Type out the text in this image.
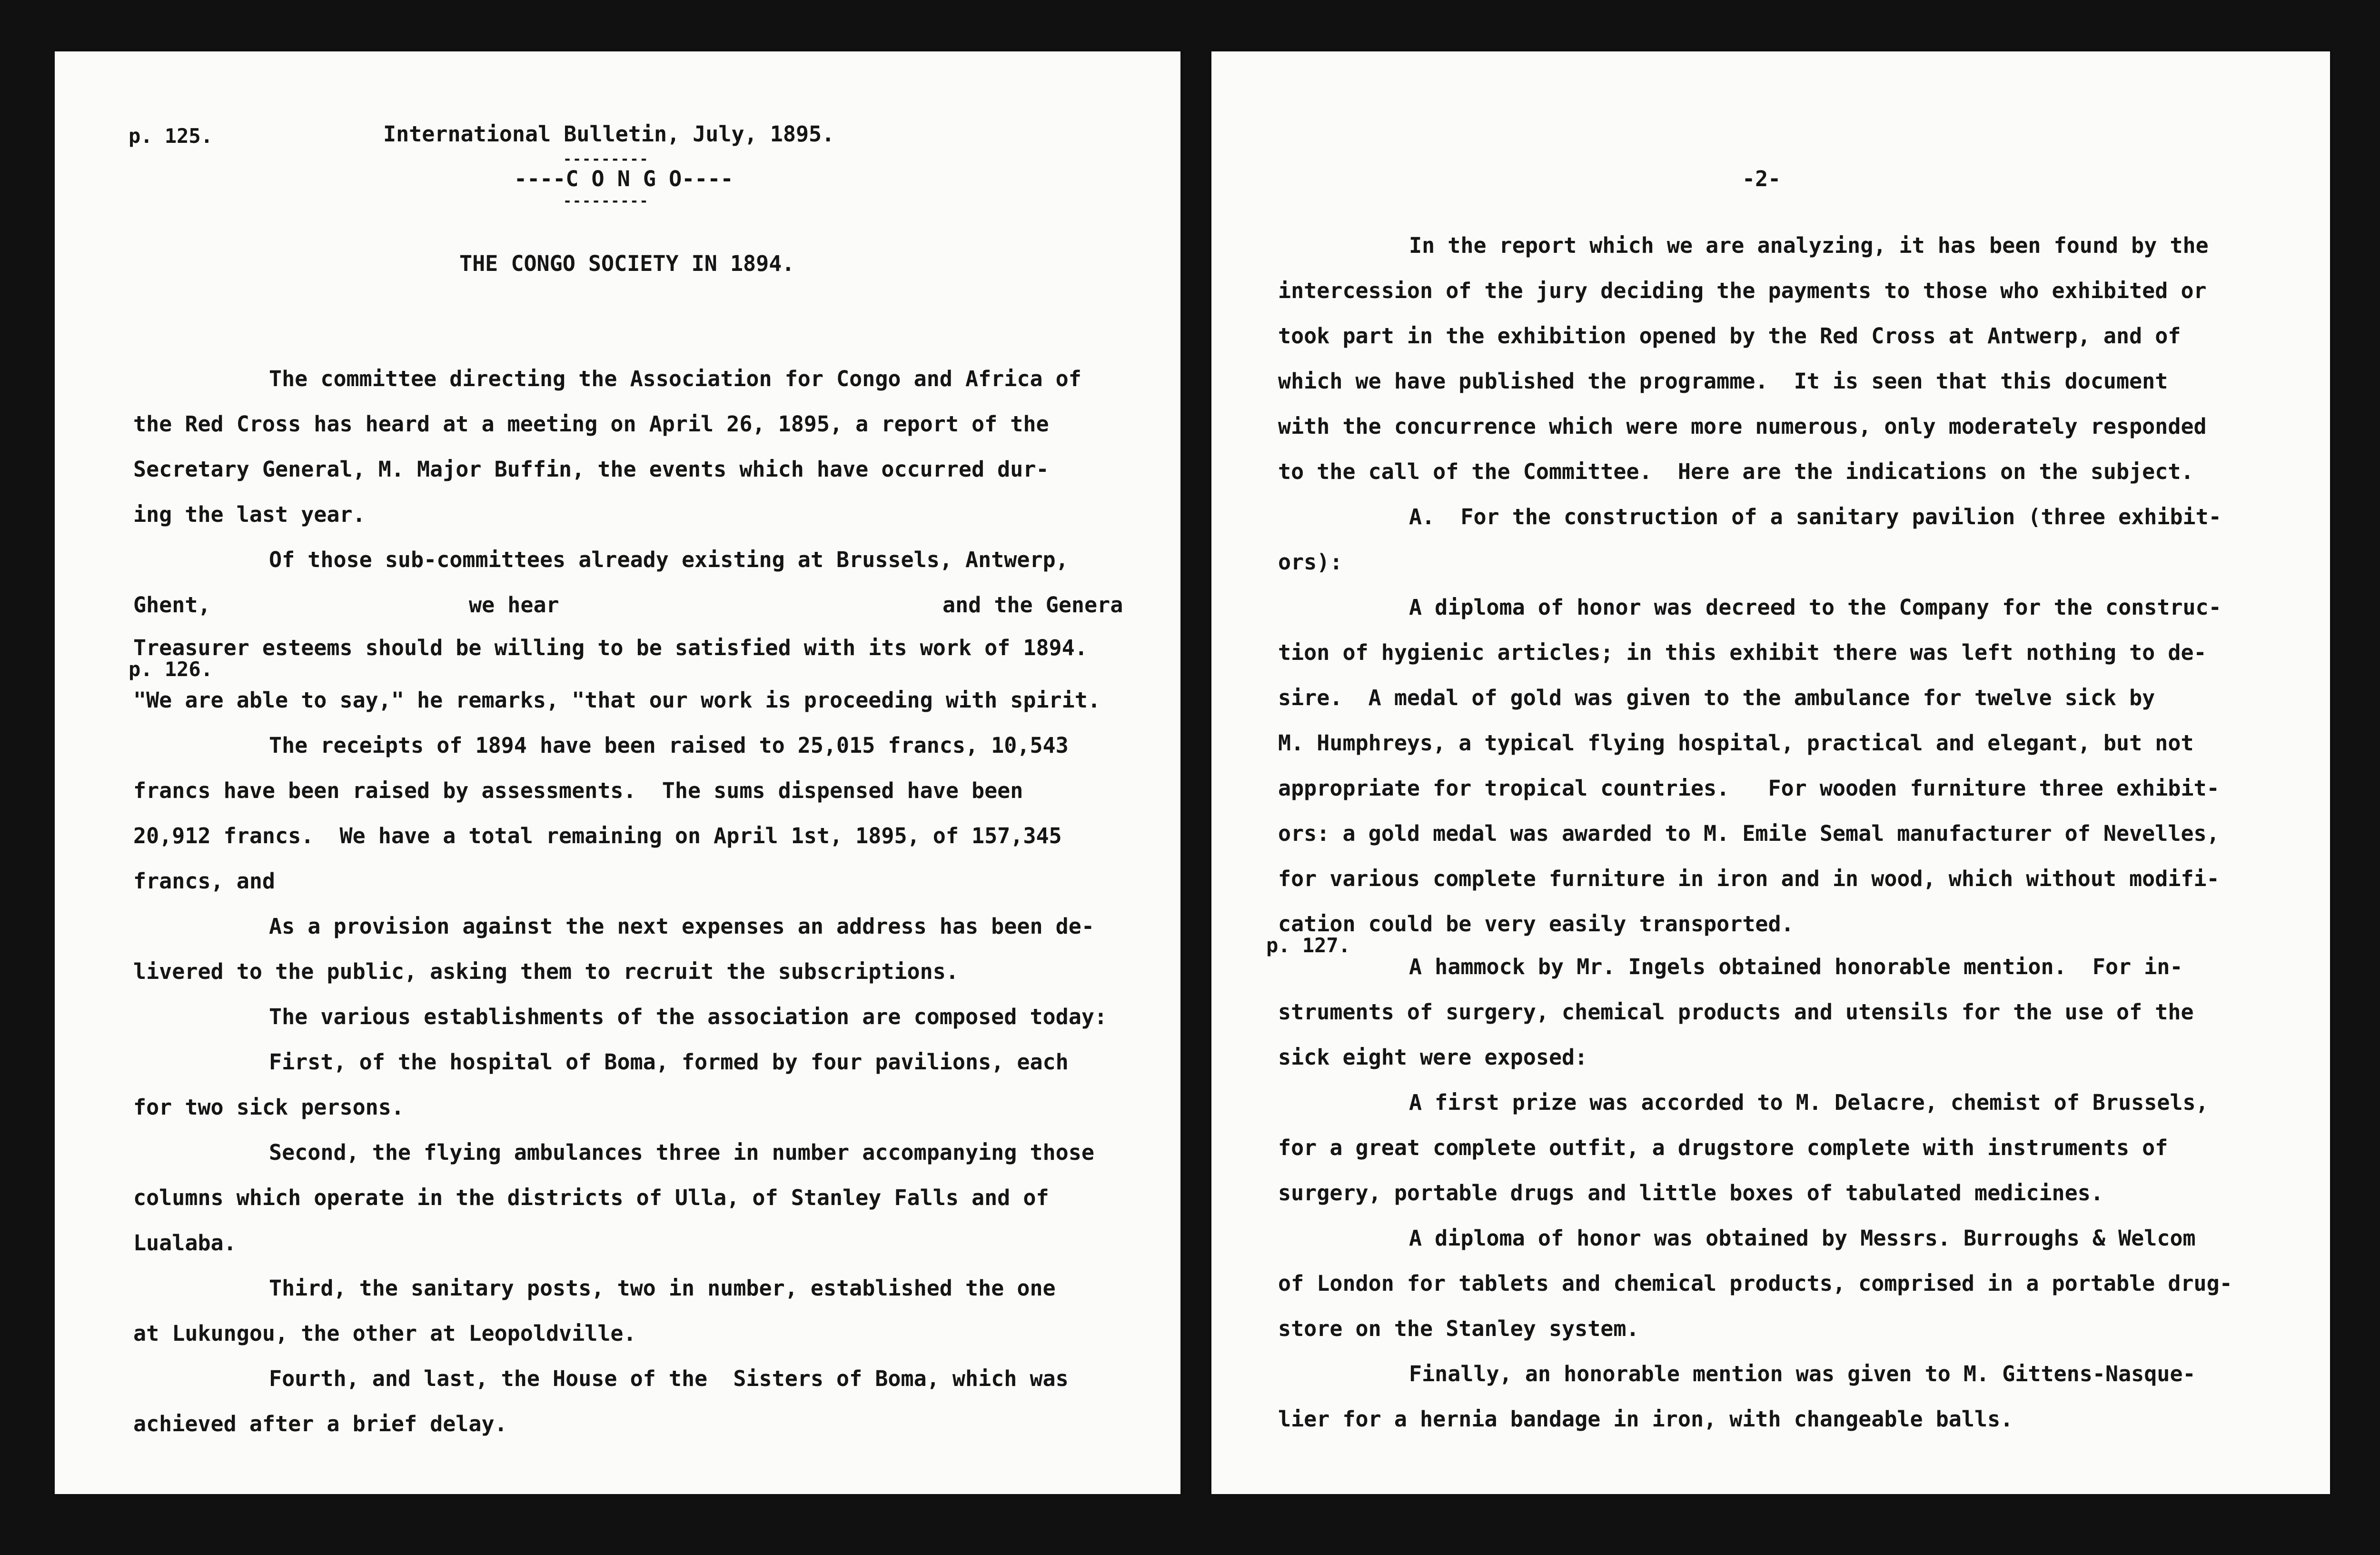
p. 125.	International Bulletin, July, 1895.

---------

----C O N G O----

---------

THE CONGO SOCIETY IN 1894.

The committee directing the Association for Congo and Africa of

the Red Cross has heard at a meeting on April 26, 1895, a report of the

Secretary General, M. Major Buffin, the events which have occurred dur-

ing the last year.

Of those sub-committees already existing at Brussels, Antwerp,

Ghent,	we hear	and the Genera

Treasurer esteems should be willing to be satisfied with its work of 1894.

p. 126.

"We are able to say," he remarks, "that our work is proceeding with spirit.

The receipts of 1894 have been raised to 25,015 francs, 10,543

francs have been raised by assessments.  The sums dispensed have been

20,912 francs.  We have a total remaining on April 1st, 1895, of 157,345

francs, and

As a provision against the next expenses an address has been de-

livered to the public, asking them to recruit the subscriptions.

The various establishments of the association are composed today:

First, of the hospital of Boma, formed by four pavilions, each

for two sick persons.

Second, the flying ambulances three in number accompanying those

columns which operate in the districts of Ulla, of Stanley Falls and of

Lualaba.

Third, the sanitary posts, two in number, established the one

at Lukungou, the other at Leopoldville.

Fourth, and last, the House of the  Sisters of Boma, which was

achieved after a brief delay.

-2-

In the report which we are analyzing, it has been found by the

intercession of the jury deciding the payments to those who exhibited or

took part in the exhibition opened by the Red Cross at Antwerp, and of

which we have published the programme.  It is seen that this document

with the concurrence which were more numerous, only moderately responded

to the call of the Committee.  Here are the indications on the subject.

A.  For the construction of a sanitary pavilion (three exhibit-

ors):

A diploma of honor was decreed to the Company for the construc-

tion of hygienic articles; in this exhibit there was left nothing to de-

sire.  A medal of gold was given to the ambulance for twelve sick by

M. Humphreys, a typical flying hospital, practical and elegant, but not

appropriate for tropical countries.   For wooden furniture three exhibit-

ors: a gold medal was awarded to M. Emile Semal manufacturer of Nevelles,

for various complete furniture in iron and in wood, which without modifi-

cation could be very easily transported.

p. 127.

A hammock by Mr. Ingels obtained honorable mention.  For in-

struments of surgery, chemical products and utensils for the use of the

sick eight were exposed:

A first prize was accorded to M. Delacre, chemist of Brussels,

for a great complete outfit, a drugstore complete with instruments of

surgery, portable drugs and little boxes of tabulated medicines.

A diploma of honor was obtained by Messrs. Burroughs & Welcom

of London for tablets and chemical products, comprised in a portable drug-

store on the Stanley system.

Finally, an honorable mention was given to M. Gittens-Nasque-

lier for a hernia bandage in iron, with changeable balls.
